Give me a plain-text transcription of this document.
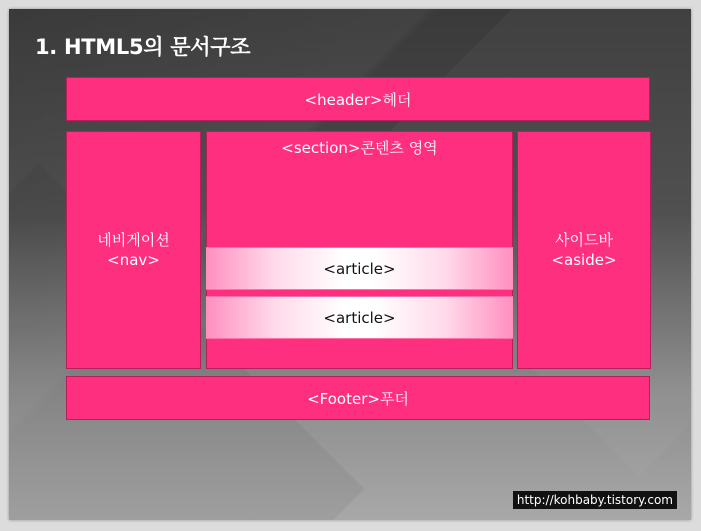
1. HTML5의 문서구조
<header>헤더
네비게이션
<nav>
<section>콘텐츠 영역
<article>
<article>
사이드바
<aside>
<Footer>푸더
http://kohbaby.tistory.com
